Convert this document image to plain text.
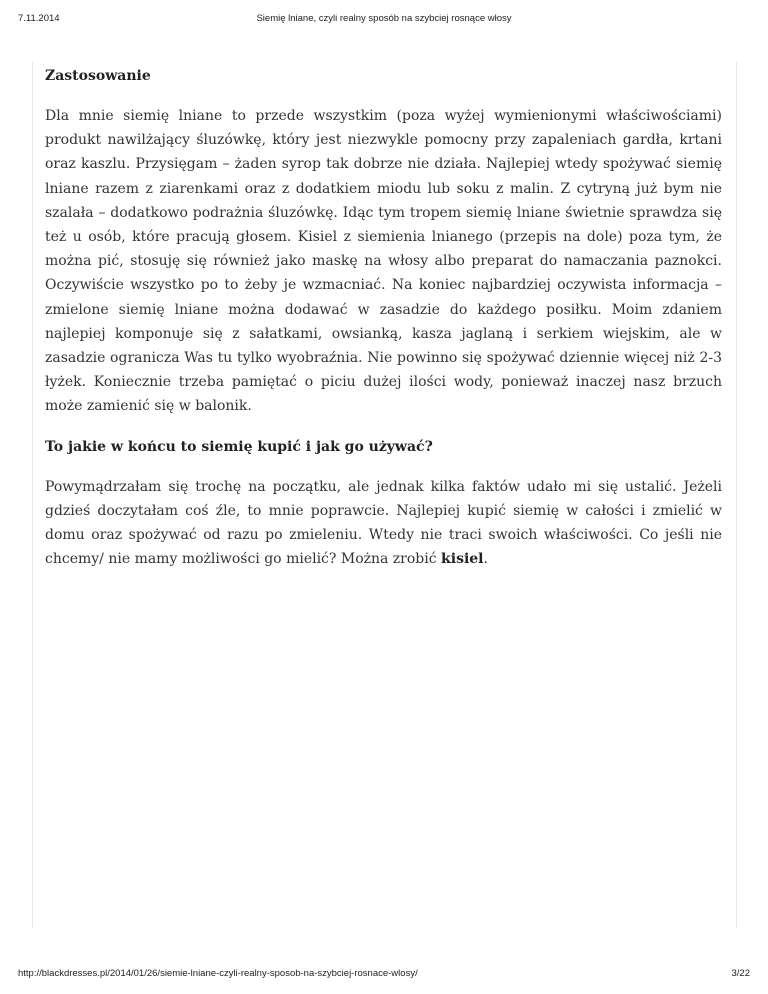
7.11.2014	Siemię lniane, czyli realny sposób na szybciej rosnące włosy
Zastosowanie

Dla mnie siemię lniane to przede wszystkim (poza wyżej wymienionymi właściwościami) produkt nawilżający śluzówkę, który jest niezwykle pomocny przy zapaleniach gardła, krtani oraz kaszlu. Przysięgam – żaden syrop tak dobrze nie działa. Najlepiej wtedy spożywać siemię lniane razem z ziarenkami oraz z dodatkiem miodu lub soku z malin. Z cytryną już bym nie szalała – dodatkowo podrażnia śluzówkę. Idąc tym tropem siemię lniane świetnie sprawdza się też u osób, które pracują głosem. Kisiel z siemienia lnianego (przepis na dole) poza tym, że można pić, stosuję się również jako maskę na włosy albo preparat do namaczania paznokci. Oczywiście wszystko po to żeby je wzmacniać. Na koniec najbardziej oczywista informacja – zmielone siemię lniane można dodawać w zasadzie do każdego posiłku. Moim zdaniem najlepiej komponuje się z sałatkami, owsianką, kasza jaglaną i serkiem wiejskim, ale w zasadzie ogranicza Was tu tylko wyobraźnia. Nie powinno się spożywać dziennie więcej niż 2-3 łyżek. Koniecznie trzeba pamiętać o piciu dużej ilości wody, ponieważ inaczej nasz brzuch może zamienić się w balonik.

To jakie w końcu to siemię kupić i jak go używać?

Powymądrzałam się trochę na początku, ale jednak kilka faktów udało mi się ustalić. Jeżeli gdzieś doczytałam coś źle, to mnie poprawcie. Najlepiej kupić siemię w całości i zmielić w domu oraz spożywać od razu po zmieleniu. Wtedy nie traci swoich właściwości. Co jeśli nie chcemy/ nie mamy możliwości go mielić? Można zrobić kisiel.

http://blackdresses.pl/2014/01/26/siemie-lniane-czyli-realny-sposob-na-szybciej-rosnace-wlosy/	3/22
